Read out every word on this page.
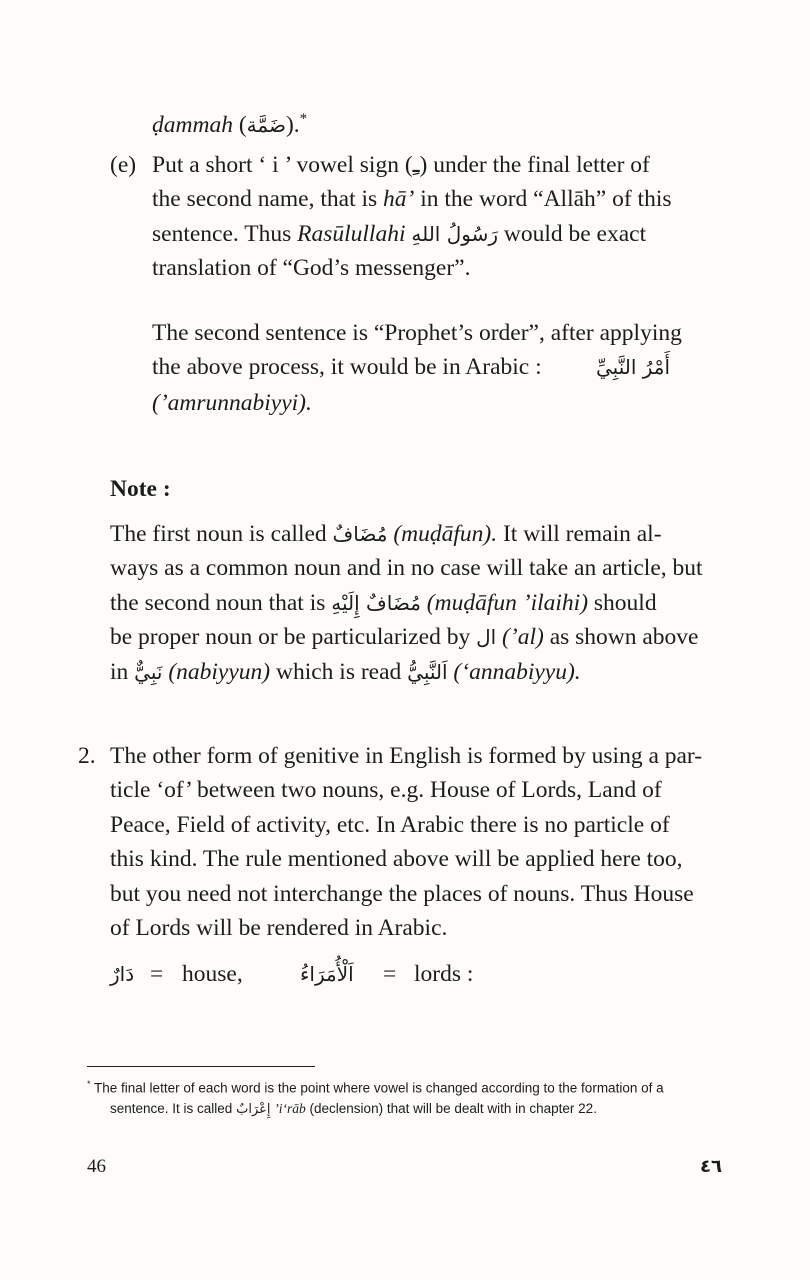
ḍammah (ضَمَّة).*
(e) Put a short ‘ i ’ vowel sign (ـِ) under the final letter of
the second name, that is hā’ in the word “Allāh” of this
sentence. Thus Rasūlullahi رَسُولُ اللهِ would be exact
translation of “God’s messenger”.
The second sentence is “Prophet’s order”, after applying
the above process, it would be in Arabic :	أَمْرُ النَّبِيِّ
(’amrunnabiyyi).
Note :
The first noun is called مُضَافٌ (muḍāfun). It will remain al-
ways as a common noun and in no case will take an article, but
the second noun that is مُضَافٌ إِلَيْهِ (muḍāfun ’ilaihi) should
be proper noun or be particularized by ال (’al) as shown above
in نَبِيٌّ (nabiyyun) which is read اَلنَّبِيُّ (‘annabiyyu).
2. The other form of genitive in English is formed by using a par-
ticle ‘of’ between two nouns, e.g. House of Lords, Land of
Peace, Field of activity, etc. In Arabic there is no particle of
this kind. The rule mentioned above will be applied here too,
but you need not interchange the places of nouns. Thus House
of Lords will be rendered in Arabic.
دَارٌ = house,	اَلْأُمَرَاءُ = lords :
* The final letter of each word is the point where vowel is changed according to the formation of a
sentence. It is called إِعْرَابٌ ’i‘rāb (declension) that will be dealt with in chapter 22.
46	٤٦
